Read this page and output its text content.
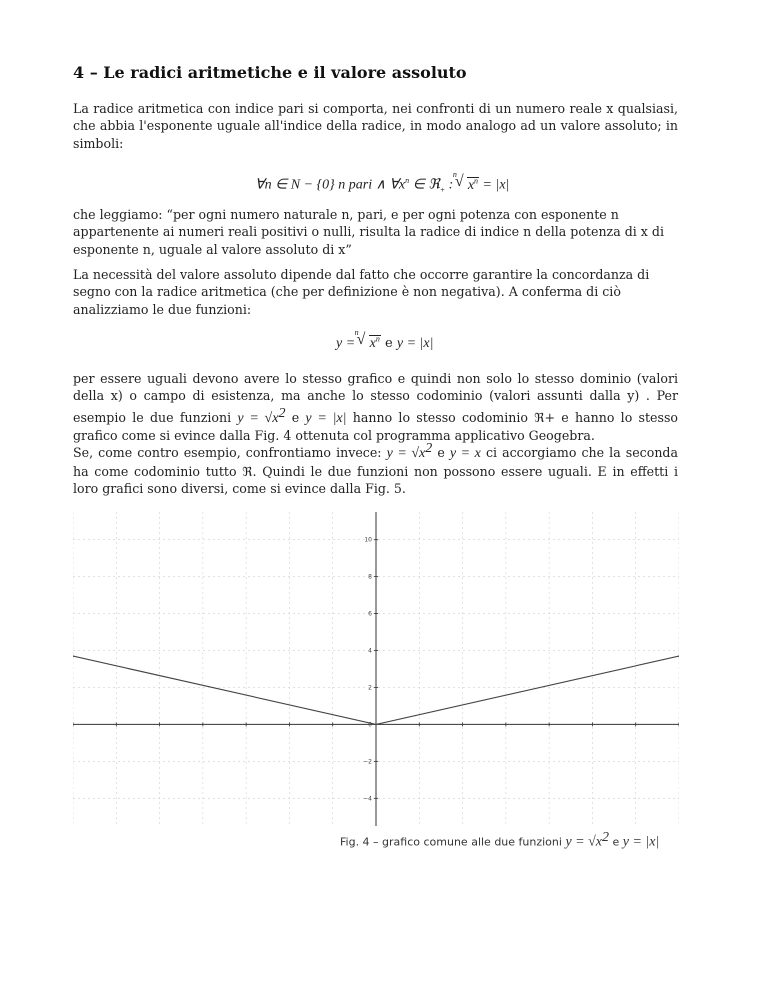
4 – Le radici aritmetiche e il valore assoluto

La radice aritmetica con indice pari si comporta, nei confronti di un numero reale x qualsiasi, che abbia l'esponente uguale all'indice della radice, in modo analogo ad un valore assoluto; in simboli:

∀n ∈ N − {0} n pari ∧ $\forall x^n$ ∈ ℜ$_+$ :
√ n
$x^n = |x|$

che leggiamo: “per ogni numero naturale n, pari, e per ogni potenza con esponente n appartenente ai numeri reali positivi o nulli, risulta la radice di indice n della potenza di x di esponente n, uguale al valore assoluto di x”

La necessità del valore assoluto dipende dal fatto che occorre garantire la concordanza di segno con la radice aritmetica (che per definizione è non negativa). A conferma di ciò analizziamo le due funzioni:

y =
√ n
$x^n$ e y = |x|

per essere uguali devono avere lo stesso grafico e quindi non solo lo stesso dominio (valori della x) o campo di esistenza, ma anche lo stesso codominio (valori assunti dalla y) . Per esempio le due funzioni $y = √x^2$ e y = |x| hanno lo stesso codominio ℜ+ e hanno lo stesso grafico come si evince dalla Fig. 4 ottenuta col programma applicativo Geogebra.

Se, come contro esempio, confrontiamo invece: $y = √x^2$ e y = x ci accorgiamo che la seconda ha come codominio tutto ℜ. Quindi le due funzioni non possono essere uguali. E in effetti i loro grafici sono diversi, come si evince dalla Fig. 5.

−4
−2
0
2
4
6
8
10
Fig. 4 – grafico comune alle due funzioni $y = √x^2$ e y = |x|
